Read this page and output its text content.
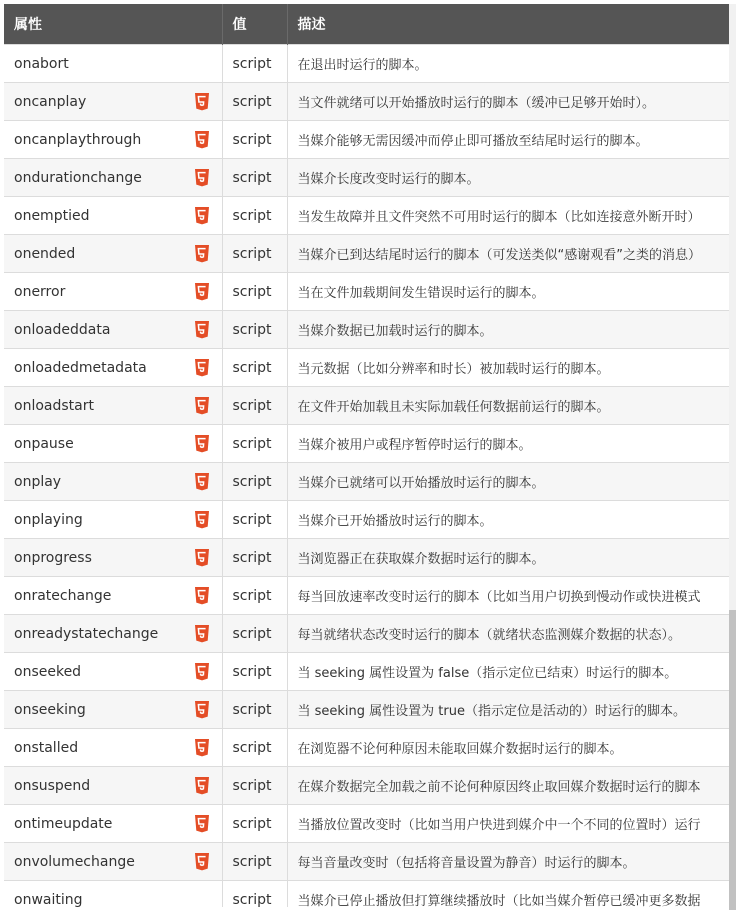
属性	值	描述
onabort	script	在退出时运行的脚本。
oncanplay	script	当文件就绪可以开始播放时运行的脚本（缓冲已足够开始时）。
oncanplaythrough	script	当媒介能够无需因缓冲而停止即可播放至结尾时运行的脚本。
ondurationchange	script	当媒介长度改变时运行的脚本。
onemptied	script	当发生故障并且文件突然不可用时运行的脚本（比如连接意外断开时）
onended	script	当媒介已到达结尾时运行的脚本（可发送类似“感谢观看”之类的消息）
onerror	script	当在文件加载期间发生错误时运行的脚本。
onloadeddata	script	当媒介数据已加载时运行的脚本。
onloadedmetadata	script	当元数据（比如分辨率和时长）被加载时运行的脚本。
onloadstart	script	在文件开始加载且未实际加载任何数据前运行的脚本。
onpause	script	当媒介被用户或程序暂停时运行的脚本。
onplay	script	当媒介已就绪可以开始播放时运行的脚本。
onplaying	script	当媒介已开始播放时运行的脚本。
onprogress	script	当浏览器正在获取媒介数据时运行的脚本。
onratechange	script	每当回放速率改变时运行的脚本（比如当用户切换到慢动作或快进模式
onreadystatechange	script	每当就绪状态改变时运行的脚本（就绪状态监测媒介数据的状态）。
onseeked	script	当 seeking 属性设置为 false（指示定位已结束）时运行的脚本。
onseeking	script	当 seeking 属性设置为 true（指示定位是活动的）时运行的脚本。
onstalled	script	在浏览器不论何种原因未能取回媒介数据时运行的脚本。
onsuspend	script	在媒介数据完全加载之前不论何种原因终止取回媒介数据时运行的脚本
ontimeupdate	script	当播放位置改变时（比如当用户快进到媒介中一个不同的位置时）运行
onvolumechange	script	每当音量改变时（包括将音量设置为静音）时运行的脚本。
onwaiting	script	当媒介已停止播放但打算继续播放时（比如当媒介暂停已缓冲更多数据
